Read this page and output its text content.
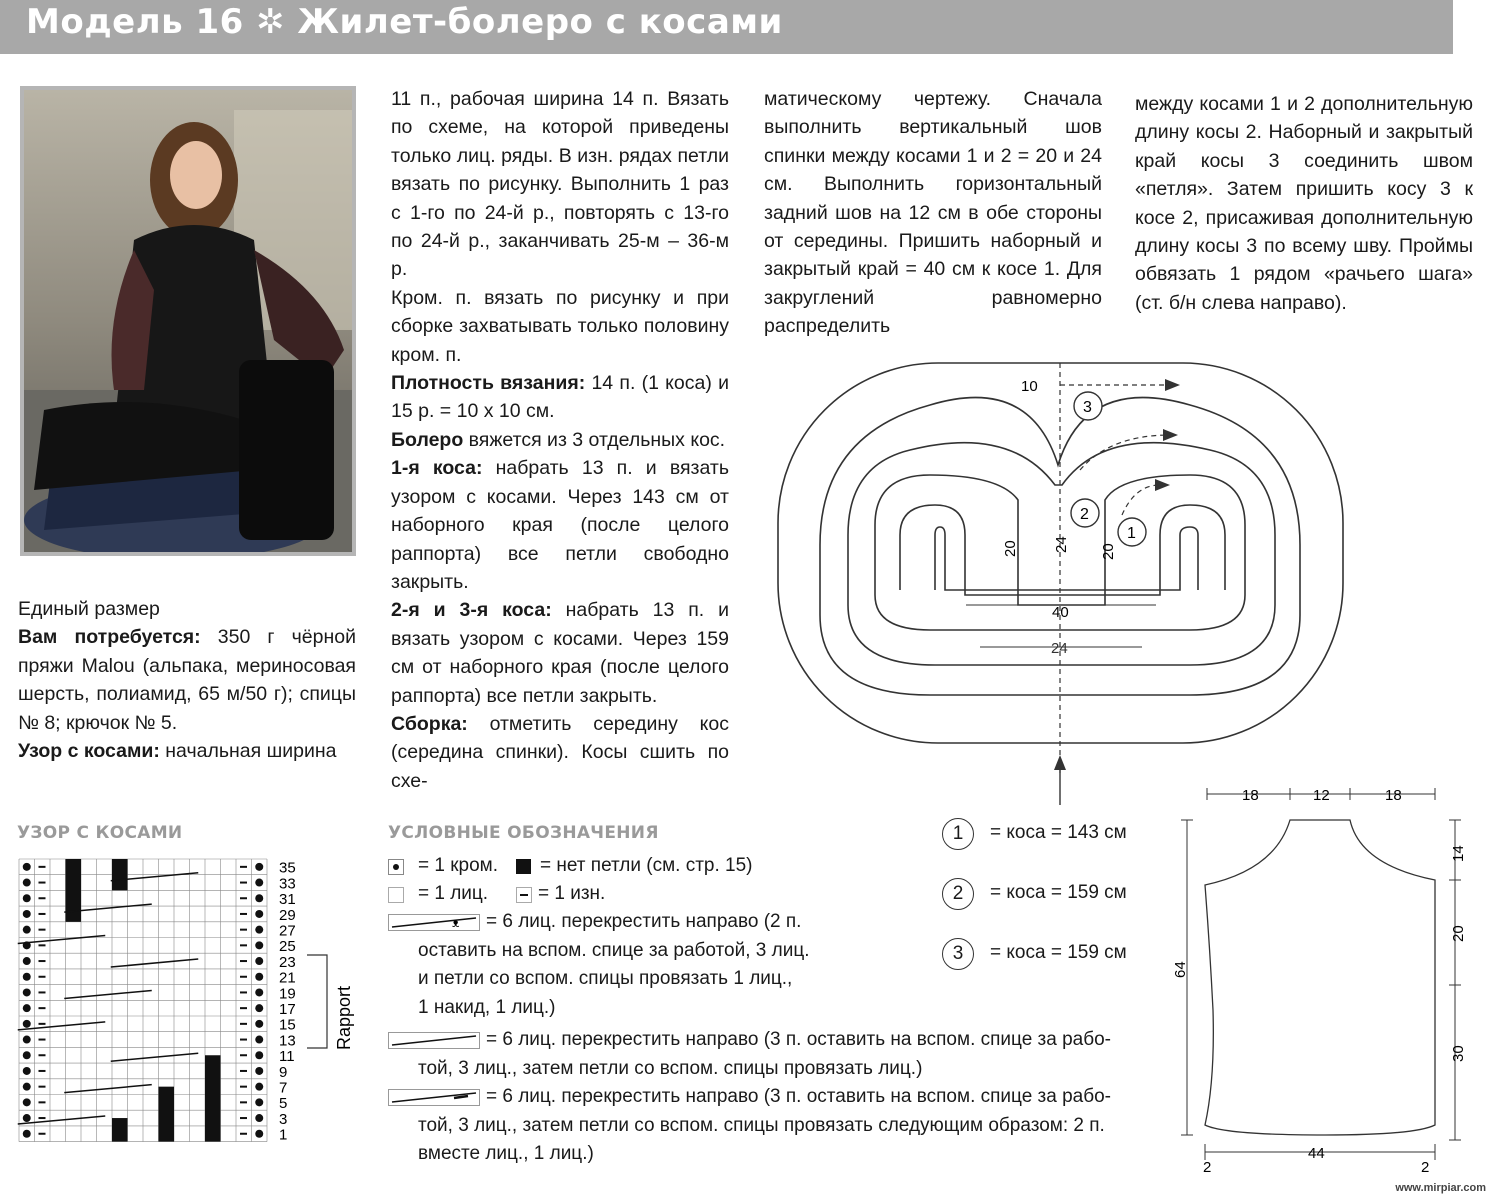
Модель 16 ✲ Жилет-болеро с косами

Единый размер

Вам потребуется: 350 г чёрной пряжи Malou (альпака, мериносовая шерсть, полиамид, 65 м/50 г); спицы № 8; крючок № 5.

Узор с косами: начальная ширина

11 п., рабочая ширина 14 п. Вязать по схеме, на которой приведены только лиц. ряды. В изн. рядах петли вязать по рисунку. Выполнить 1 раз с 1-го по 24-й р., повторять с 13-го по 24-й р., заканчивать 25-м – 36-м р.

Кром. п. вязать по рисунку и при сборке захватывать только половину кром. п.

Плотность вязания: 14 п. (1 коса) и 15 р. = 10 х 10 см.

Болеро вяжется из 3 отдельных кос.

1-я коса: набрать 13 п. и вязать узором с косами. Через 143 см от наборного края (после целого раппорта) все петли свободно закрыть.

2-я и 3-я коса: набрать 13 п. и вязать узором с косами. Через 159 см от наборного края (после целого раппорта) все петли закрыть.

Сборка: отметить середину кос (середина спинки). Косы сшить по схе-

матическому чертежу. Сначала выполнить вертикальный шов спинки между косами 1 и 2 = 20 и 24 см. Выполнить горизонтальный задний шов на 12 см в обе стороны от середины. Пришить наборный и закрытый край = 40 см к косе 1. Для закруглений равномерно распределить

между косами 1 и 2 дополнительную длину косы 2. Наборный и закрытый край косы 3 соединить швом «петля». Затем пришить косу 3 к косе 2, присаживая дополнительную длину косы 3 по всему шву. Проймы обвязать 1 рядом «рачьего шага» (ст. б/н слева направо).

10
20 24 20
40
24
3
2
1
УЗОР С КОСАМИ
35
33
31
29
27
25
23
21
19
17
15
13
11
9
7
5
3
1
Rapport
УСЛОВНЫЕ ОБОЗНАЧЕНИЯ
= 1 кром. = нет петли (см. стр. 15)
= 1 лиц.	= 1 изн.
ᴥ = 6 лиц. перекрестить направо (2 п.
оставить на вспом. спице за работой, 3 лиц.
и петли со вспом. спицы провязать 1 лиц.,
1 накид, 1 лиц.)
= 6 лиц. перекрестить направо (3 п. оставить на вспом. спице за рабо-
той, 3 лиц., затем петли со вспом. спицы провязать лиц.)
= 6 лиц. перекрестить направо (3 п. оставить на вспом. спице за рабо-
той, 3 лиц., затем петли со вспом. спицы провязать следующим образом: 2 п.
вместе лиц., 1 лиц.)
1	= коса = 143 см
2	= коса = 159 см
3	= коса = 159 см
18	12	18
14
20
30
64
44
2	2
www.mirpiar.com
